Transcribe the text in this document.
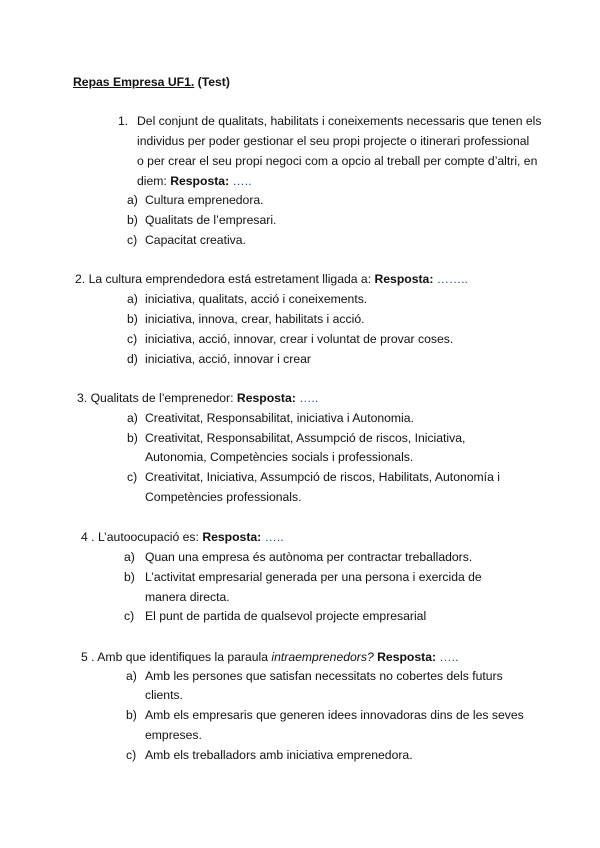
Repas Empresa UF1. (Test)
1. Del conjunt de qualitats, habilitats i coneixements necessaris que tenen els
individus per poder gestionar el seu propi projecte o itinerari professional
o per crear el seu propi negoci com a opcio al treball per compte d’altri, en
diem: Resposta: …..
a) Cultura emprenedora.
b) Qualitats de l’empresari.
c) Capacitat creativa.
2. La cultura emprendedora está estretament lligada a: Resposta: ……..
a) iniciativa, qualitats, acció i coneixements.
b) iniciativa, innova, crear, habilitats i acció.
c) iniciativa, acció, innovar, crear i voluntat de provar coses.
d) iniciativa, acció, innovar i crear
3. Qualitats de l’emprenedor: Resposta: …..
a) Creativitat, Responsabilitat, iniciativa i Autonomia.
b) Creativitat, Responsabilitat, Assumpció de riscos, Iniciativa,
Autonomia, Competències socials i professionals.
c) Creativitat, Iniciativa, Assumpció de riscos, Habilitats, Autonomía i
Competències professionals.
4 . L’autoocupació es: Resposta: …..
a) Quan una empresa és autònoma per contractar treballadors.
b) L’activitat empresarial generada per una persona i exercida de
manera directa.
c) El punt de partida de qualsevol projecte empresarial
5 . Amb que identifiques la paraula intraemprenedors? Resposta: …..
a) Amb les persones que satisfan necessitats no cobertes dels futurs
clients.
b) Amb els empresaris que generen idees innovadoras dins de les seves
empreses.
c) Amb els treballadors amb iniciativa emprenedora.
